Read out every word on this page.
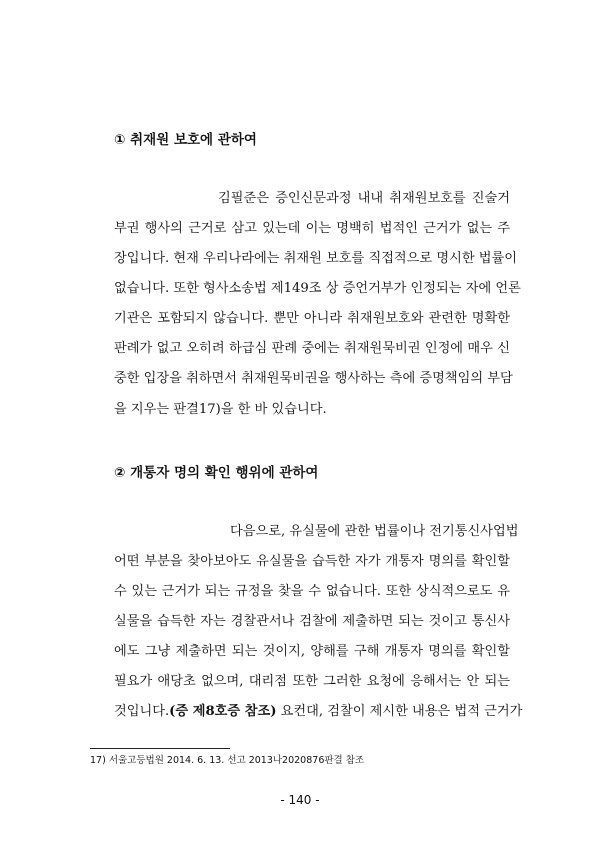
① 취재원 보호에 관하여
김필준은 증인신문과정 내내 취재원보호를 진술거
부권 행사의 근거로 삼고 있는데 이는 명백히 법적인 근거가 없는 주
장입니다. 현재 우리나라에는 취재원 보호를 직접적으로 명시한 법률이
없습니다. 또한 형사소송법 제149조 상 증언거부가 인정되는 자에 언론
기관은 포함되지 않습니다. 뿐만 아니라 취재원보호와 관련한 명확한
판례가 없고 오히려 하급심 판례 중에는 취재원묵비권 인정에 매우 신
중한 입장을 취하면서 취재원묵비권을 행사하는 측에 증명책임의 부담
을 지우는 판결17)을 한 바 있습니다.
② 개통자 명의 확인 행위에 관하여
다음으로, 유실물에 관한 법률이나 전기통신사업법
어떤 부분을 찾아보아도 유실물을 습득한 자가 개통자 명의를 확인할
수 있는 근거가 되는 규정을 찾을 수 없습니다. 또한 상식적으로도 유
실물을 습득한 자는 경찰관서나 검찰에 제출하면 되는 것이고 통신사
에도 그냥 제출하면 되는 것이지, 양해를 구해 개통자 명의를 확인할
필요가 애당초 없으며, 대리점 또한 그러한 요청에 응해서는 안 되는
것입니다.(증 제8호증 참조) 요컨대, 검찰이 제시한 내용은 법적 근거가
17) 서울고등법원 2014. 6. 13. 선고 2013나2020876판결 참조
- 140 -
